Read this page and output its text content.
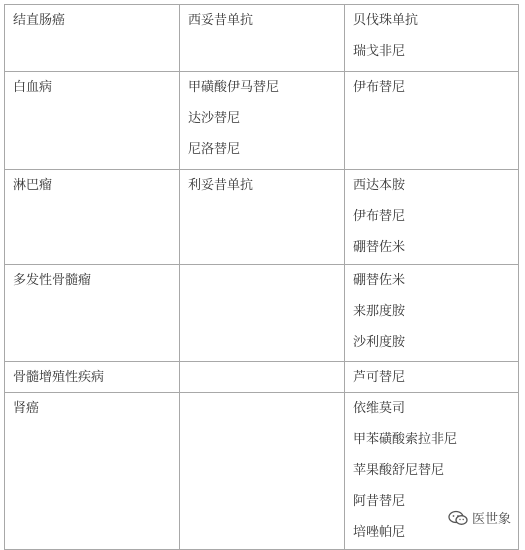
结直肠癌	西妥昔单抗	贝伐珠单抗
瑞戈非尼

白血病	甲磺酸伊马替尼
达沙替尼
尼洛替尼	伊布替尼

淋巴瘤	利妥昔单抗	西达本胺
伊布替尼
硼替佐米

多发性骨髓瘤		硼替佐米
来那度胺
沙利度胺

骨髓增殖性疾病		芦可替尼

肾癌		依维莫司
甲苯磺酸索拉非尼
苹果酸舒尼替尼
阿昔替尼
培唑帕尼
医世象
